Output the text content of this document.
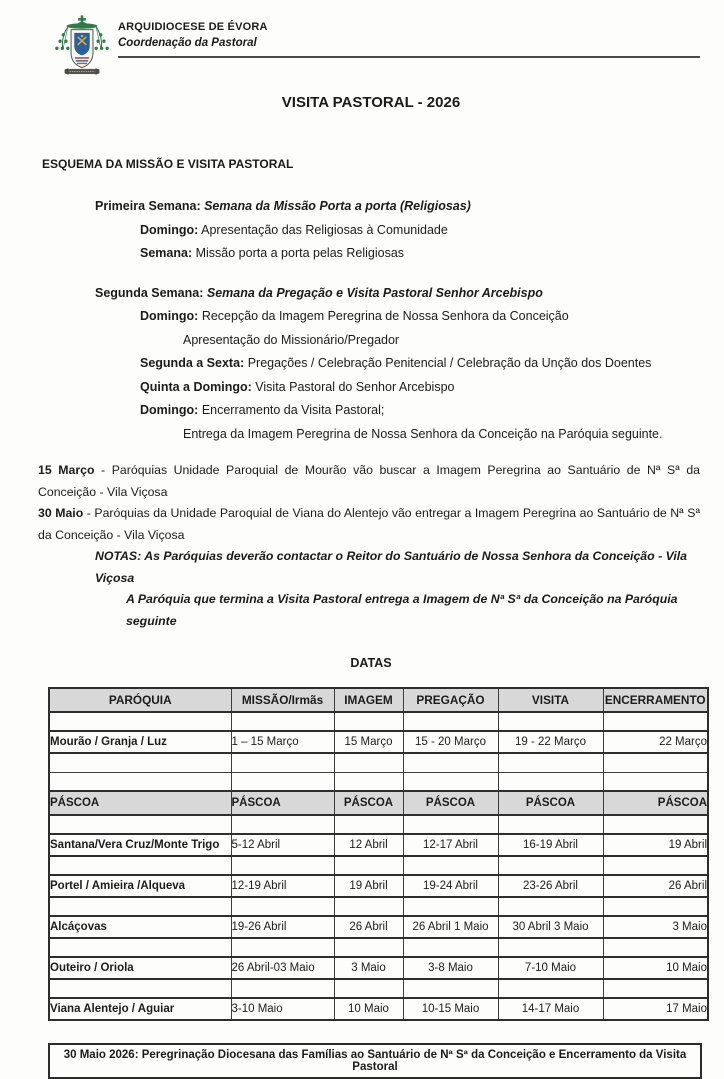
ARQUIDIOCESE DE ÉVORA
Coordenação da Pastoral
VISITA PASTORAL - 2026
ESQUEMA DA MISSÃO E VISITA PASTORAL

Primeira Semana: Semana da Missão Porta a porta (Religiosas)

Domingo: Apresentação das Religiosas à Comunidade

Semana: Missão porta a porta pelas Religiosas

Segunda Semana: Semana da Pregação e Visita Pastoral Senhor Arcebispo

Domingo: Recepção da Imagem Peregrina de Nossa Senhora da Conceição

Apresentação do Missionário/Pregador

Segunda a Sexta: Pregações / Celebração Penitencial / Celebração da Unção dos Doentes

Quinta a Domingo: Visita Pastoral do Senhor Arcebispo

Domingo: Encerramento da Visita Pastoral;

Entrega da Imagem Peregrina de Nossa Senhora da Conceição na Paróquia seguinte.

15 Março - Paróquias Unidade Paroquial de Mourão vão buscar a Imagem Peregrina ao Santuário de Nª Sª da Conceição - Vila Viçosa
30 Maio - Paróquias da Unidade Paroquial de Viana do Alentejo vão entregar a Imagem Peregrina ao Santuário de Nª Sª da Conceição - Vila Viçosa

NOTAS: As Paróquias deverão contactar o Reitor do Santuário de Nossa Senhora da Conceição - Vila Viçosa

A Paróquia que termina a Visita Pastoral entrega a Imagem de Nª Sª da Conceição na Paróquia seguinte

DATAS
PARÓQUIA	MISSÃO/Irmãs	IMAGEM	PREGAÇÃO	VISITA	ENCERRAMENTO

Mourão / Granja / Luz	1 – 15 Março	15 Março	15 - 20 Março	19 - 22 Março	22 Março

PÁSCOA	PÁSCOA	PÁSCOA	PÁSCOA	PÁSCOA	PÁSCOA

Santana/Vera Cruz/Monte Trigo	5-12 Abril	12 Abril	12-17 Abril	16-19 Abril	19 Abril

Portel / Amieira /Alqueva	12-19 Abril	19 Abril	19-24 Abril	23-26 Abril	26 Abril

Alcáçovas	19-26 Abril	26 Abril	26 Abril 1 Maio	30 Abril 3 Maio	3 Maio

Outeiro / Oriola	26 Abril-03 Maio	3 Maio	3-8 Maio	7-10 Maio	10 Maio

Viana Alentejo / Aguiar	3-10 Maio	10 Maio	10-15 Maio	14-17 Maio	17 Maio
30 Maio 2026: Peregrinação Diocesana das Famílias ao Santuário de Nª Sª da Conceição e Encerramento da Visita Pastoral
